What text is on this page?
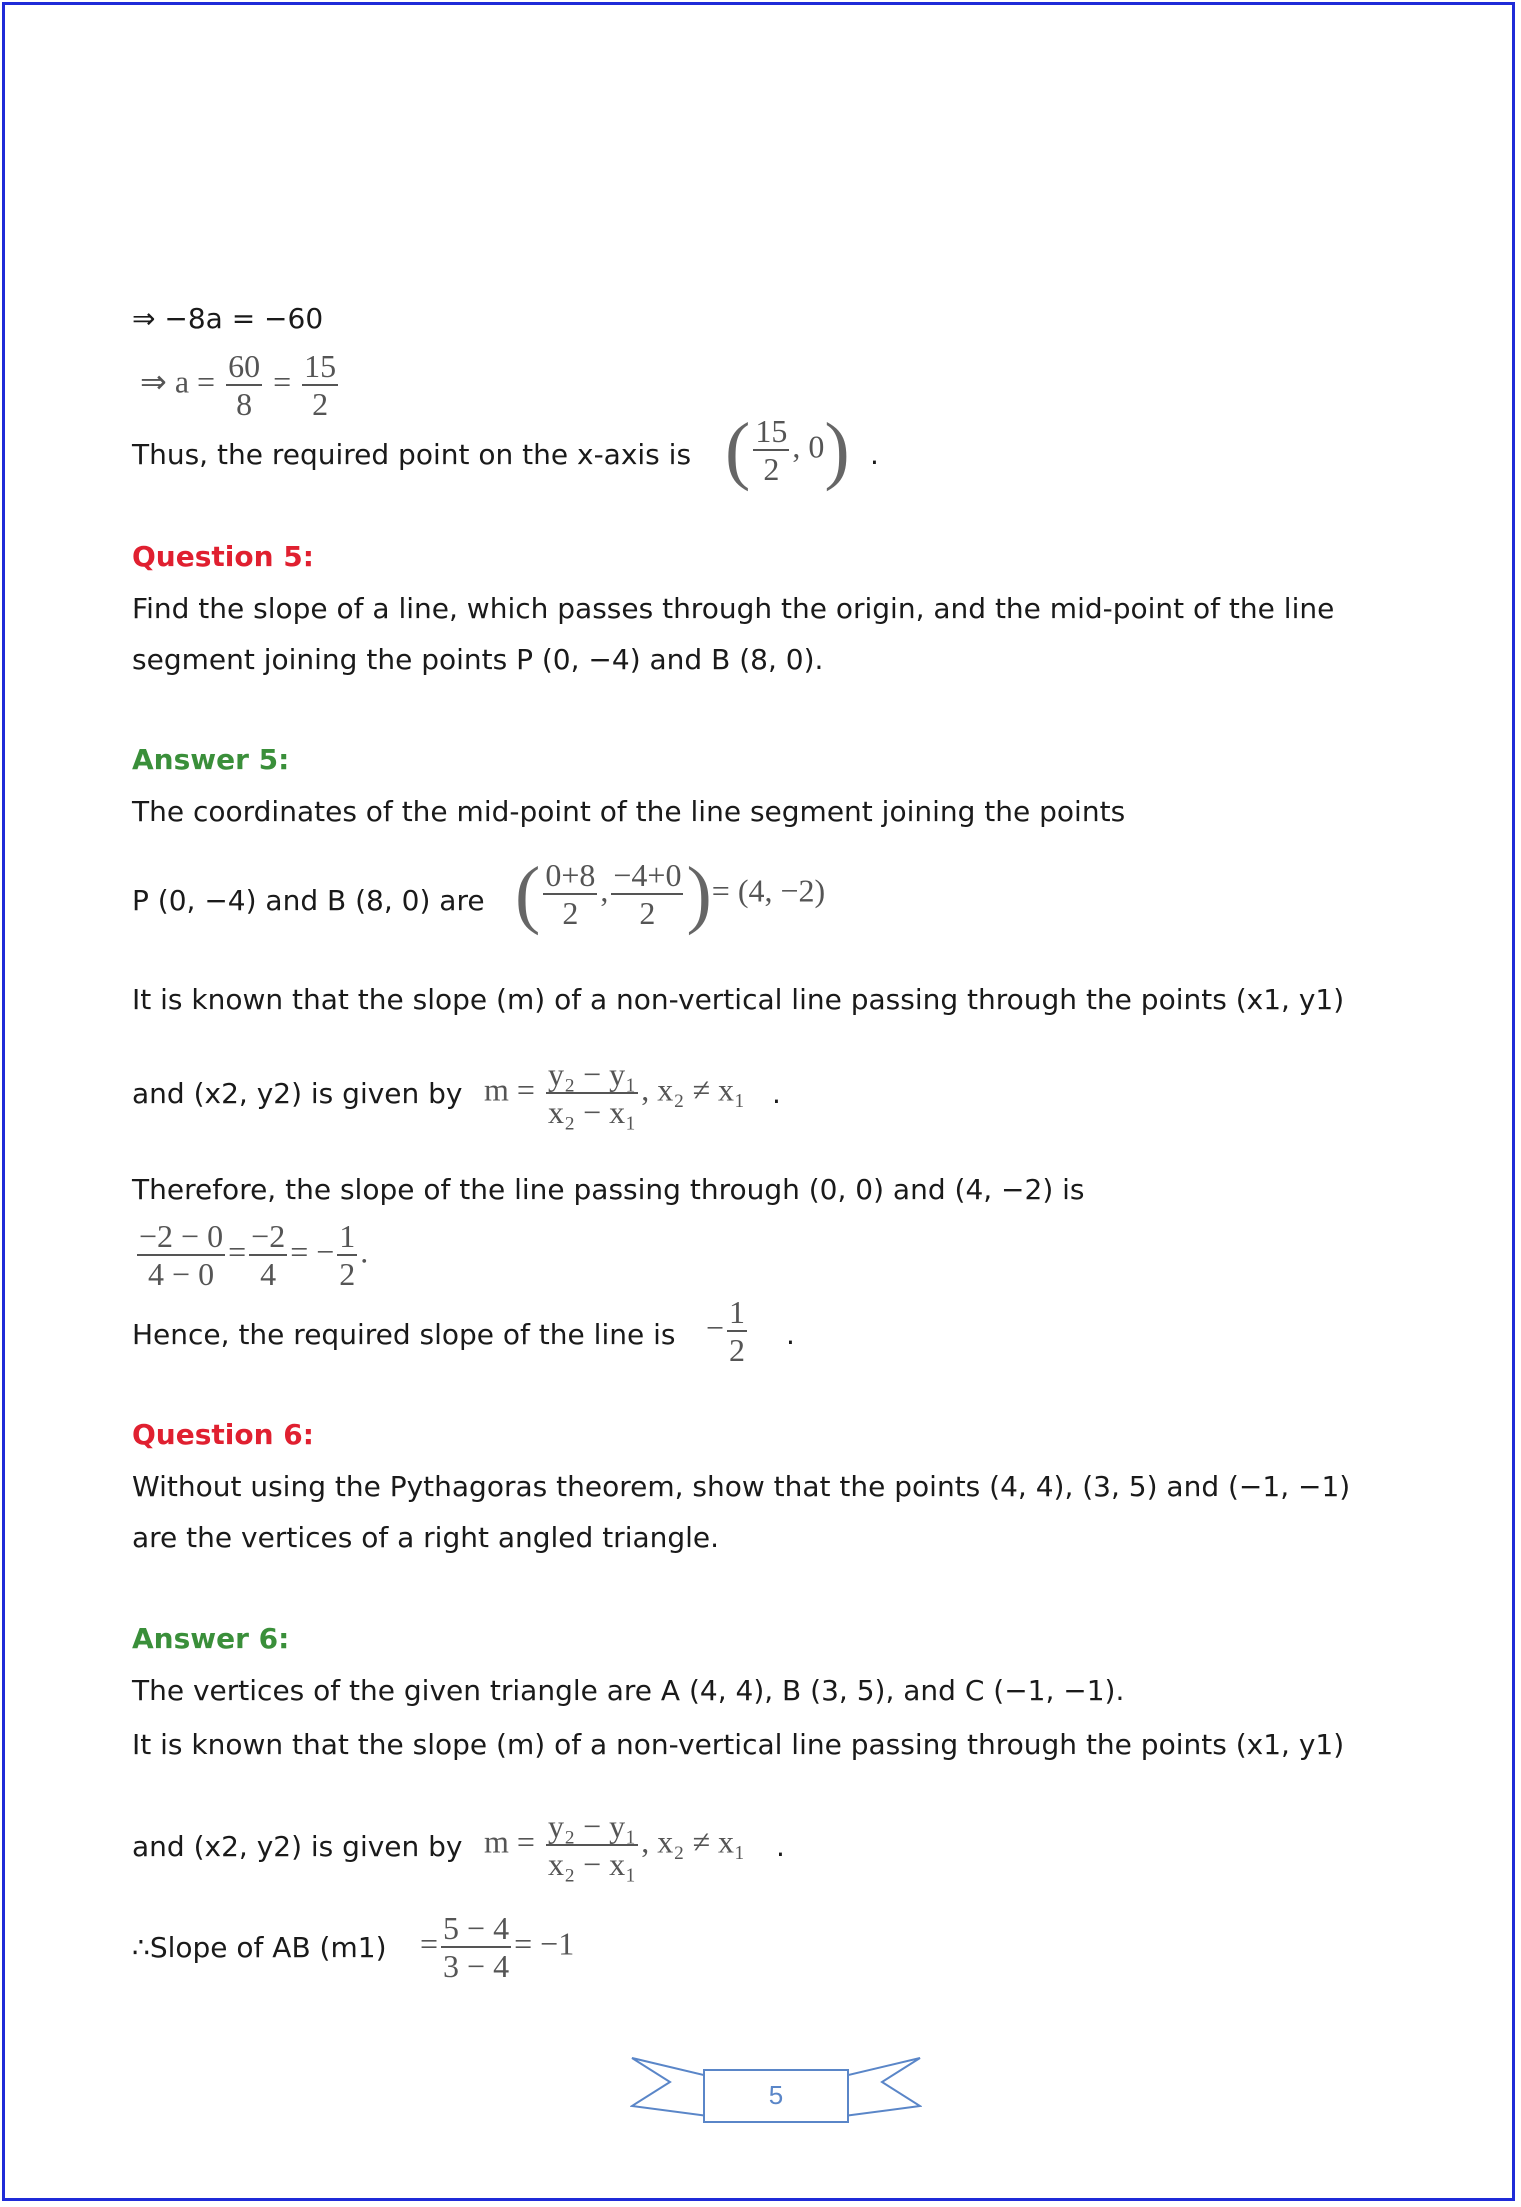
⇒ −8a = −60
⇒ $a = \frac{60}{8} = \frac{15}{2}$
Thus, the required point on the x-axis is ( $\frac{15}{2}$ , 0) .
Question 5:
Find the slope of a line, which passes through the origin, and the mid-point of the line segment joining the points P (0, −4) and B (8, 0).
Answer 5:
The coordinates of the mid-point of the line segment joining the points
P (0, −4) and B (8, 0) are ( $\frac{0+8}{2}$ , $\frac{-4+0}{2}$ )= (4, −2)
It is known that the slope (m) of a non-vertical line passing through the points (x1, y1)
and (x2, y2) is given by $m = \frac{\text{y₂ − y₁}}{\text{x₂ − x₁}}$ , x₂ ≠ x₁ .
Therefore, the slope of the line passing through (0, 0) and (4, −2) is
$\frac{-2 - 0}{4 - 0} = \frac{-2}{4}$ = − $\frac{1}{2}$ .
Hence, the required slope of the line is − $\frac{1}{2}$ .
Question 6:
Without using the Pythagoras theorem, show that the points (4, 4), (3, 5) and (−1, −1) are the vertices of a right angled triangle.
Answer 6:
The vertices of the given triangle are A (4, 4), B (3, 5), and C (−1, −1).
It is known that the slope (m) of a non-vertical line passing through the points (x1, y1)
and (x2, y2) is given by $m = \frac{\text{y₂ − y₁}}{\text{x₂ − x₁}}$ , x₂ ≠ x₁ .
∴Slope of AB $(m1) = \frac{5 - 4}{3 - 4} = -1$
5
